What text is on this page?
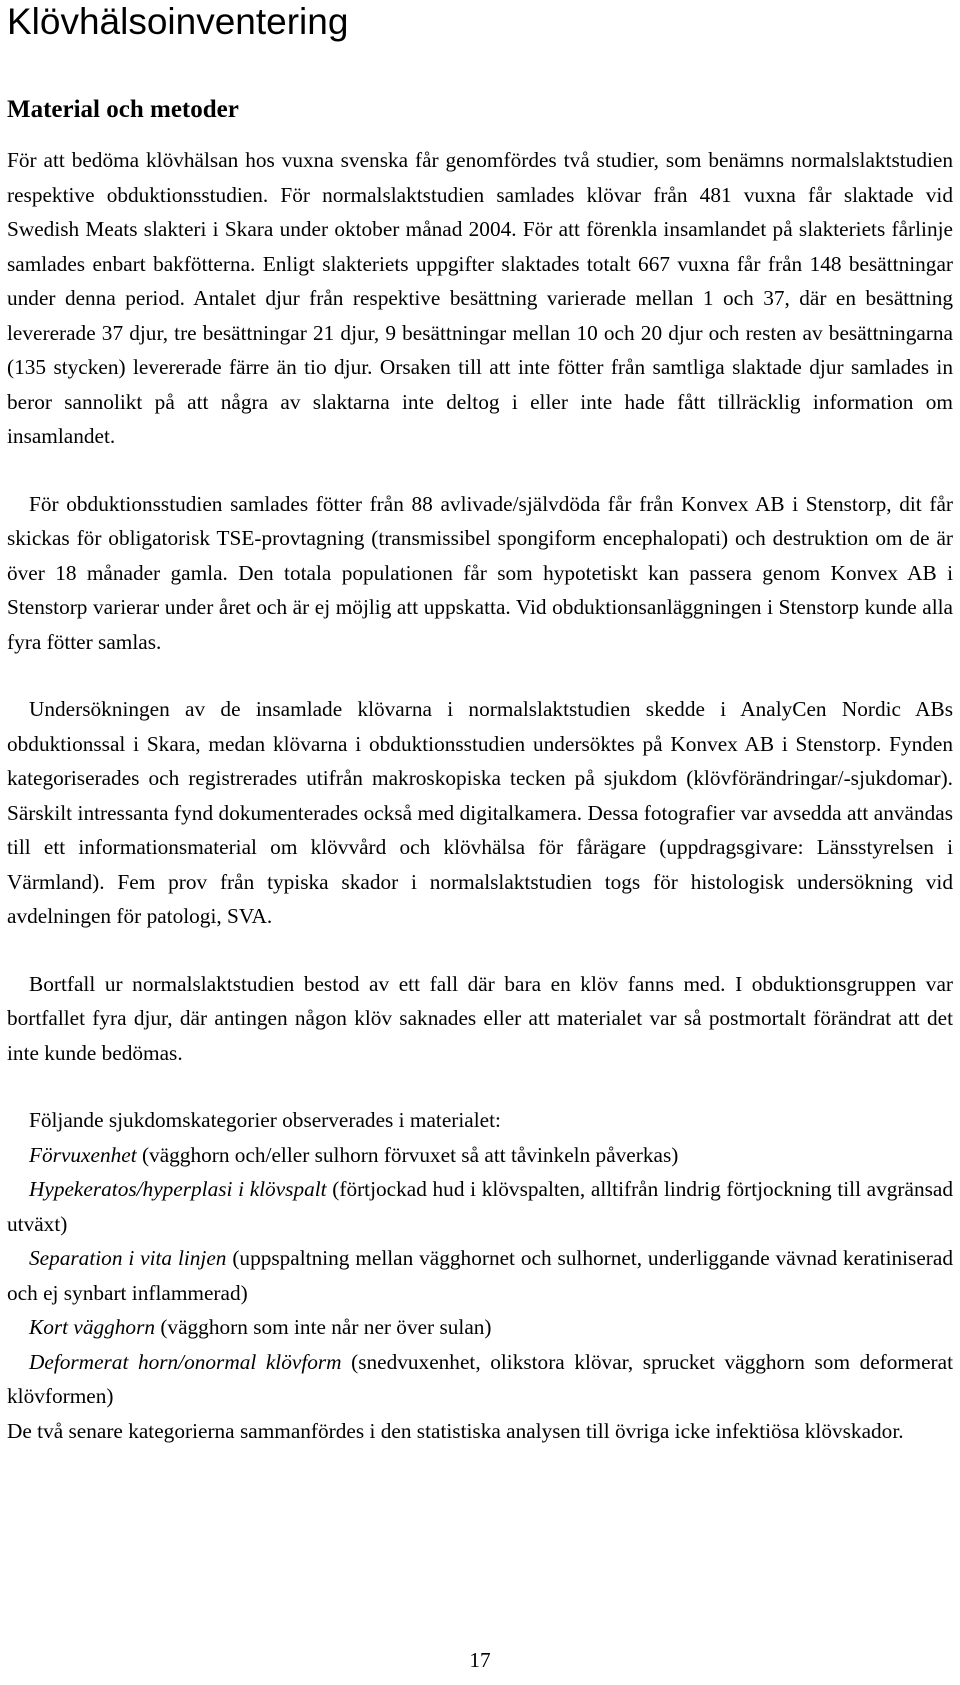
Klövhälsoinventering
Material och metoder

För att bedöma klövhälsan hos vuxna svenska får genomfördes två studier, som benämns normalslaktstudien respektive obduktionsstudien. För normalslaktstudien samlades klövar från 481 vuxna får slaktade vid Swedish Meats slakteri i Skara under oktober månad 2004. För att förenkla insamlandet på slakteriets fårlinje samlades enbart bakfötterna. Enligt slakteriets uppgifter slaktades totalt 667 vuxna får från 148 besättningar under denna period. Antalet djur från respektive besättning varierade mellan 1 och 37, där en besättning levererade 37 djur, tre besättningar 21 djur, 9 besättningar mellan 10 och 20 djur och resten av besättningarna (135 stycken) levererade färre än tio djur. Orsaken till att inte fötter från samtliga slaktade djur samlades in beror sannolikt på att några av slaktarna inte deltog i eller inte hade fått tillräcklig information om insamlandet.

För obduktionsstudien samlades fötter från 88 avlivade/självdöda får från Konvex AB i Stenstorp, dit får skickas för obligatorisk TSE-provtagning (transmissibel spongiform encephalopati) och destruktion om de är över 18 månader gamla. Den totala populationen får som hypotetiskt kan passera genom Konvex AB i Stenstorp varierar under året och är ej möjlig att uppskatta. Vid obduktionsanläggningen i Stenstorp kunde alla fyra fötter samlas.

Undersökningen av de insamlade klövarna i normalslaktstudien skedde i AnalyCen Nordic ABs obduktionssal i Skara, medan klövarna i obduktionsstudien undersöktes på Konvex AB i Stenstorp. Fynden kategoriserades och registrerades utifrån makroskopiska tecken på sjukdom (klövförändringar/-sjukdomar). Särskilt intressanta fynd dokumenterades också med digitalkamera. Dessa fotografier var avsedda att användas till ett informationsmaterial om klövvård och klövhälsa för fårägare (uppdragsgivare: Länsstyrelsen i Värmland). Fem prov från typiska skador i normalslaktstudien togs för histologisk undersökning vid avdelningen för patologi, SVA.

Bortfall ur normalslaktstudien bestod av ett fall där bara en klöv fanns med. I obduktionsgruppen var bortfallet fyra djur, där antingen någon klöv saknades eller att materialet var så postmortalt förändrat att det inte kunde bedömas.

Följande sjukdomskategorier observerades i materialet:

Förvuxenhet (vägghorn och/eller sulhorn förvuxet så att tåvinkeln påverkas)

Hypekeratos/hyperplasi i klövspalt (förtjockad hud i klövspalten, alltifrån lindrig förtjockning till avgränsad utväxt)

Separation i vita linjen (uppspaltning mellan vägghornet och sulhornet, underliggande vävnad keratiniserad och ej synbart inflammerad)

Kort vägghorn (vägghorn som inte når ner över sulan)

Deformerat horn/onormal klövform (snedvuxenhet, olikstora klövar, sprucket vägghorn som deformerat klövformen)

De två senare kategorierna sammanfördes i den statistiska analysen till övriga icke infektiösa klövskador.

17
